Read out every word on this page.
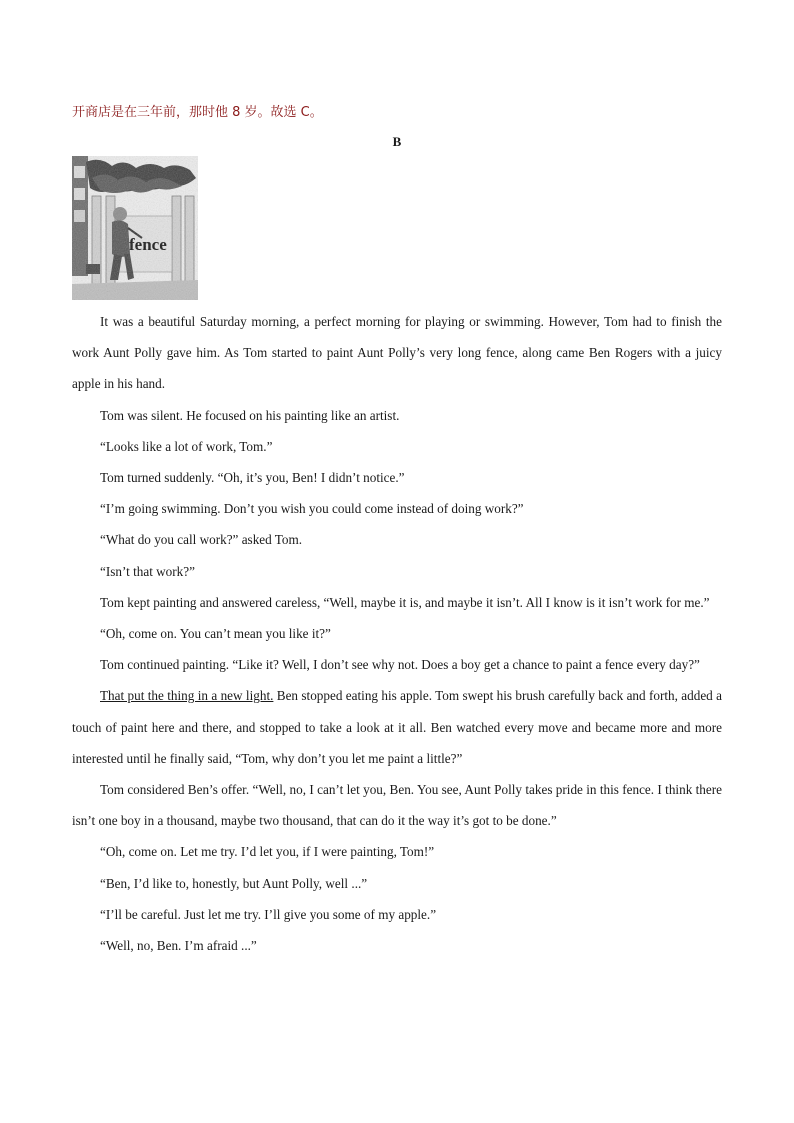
开商店是在三年前，那时他 8 岁。故选 C。
B

It was a beautiful Saturday morning, a perfect morning for playing or swimming. However, Tom had to finish the work Aunt Polly gave him. As Tom started to paint Aunt Polly’s very long fence, along came Ben Rogers with a juicy apple in his hand.

Tom was silent. He focused on his painting like an artist.

“Looks like a lot of work, Tom.”

Tom turned suddenly. “Oh, it’s you, Ben! I didn’t notice.”

“I’m going swimming. Don’t you wish you could come instead of doing work?”

“What do you call work?” asked Tom.

“Isn’t that work?”

Tom kept painting and answered careless, “Well, maybe it is, and maybe it isn’t. All I know is it isn’t work for me.”

“Oh, come on. You can’t mean you like it?”

Tom continued painting. “Like it? Well, I don’t see why not. Does a boy get a chance to paint a fence every day?”

That put the thing in a new light. Ben stopped eating his apple. Tom swept his brush carefully back and forth, added a touch of paint here and there, and stopped to take a look at it all. Ben watched every move and became more and more interested until he finally said, “Tom, why don’t you let me paint a little?”

Tom considered Ben’s offer. “Well, no, I can’t let you, Ben. You see, Aunt Polly takes pride in this fence. I think there isn’t one boy in a thousand, maybe two thousand, that can do it the way it’s got to be done.”

“Oh, come on. Let me try. I’d let you, if I were painting, Tom!”

“Ben, I’d like to, honestly, but Aunt Polly, well ...”

“I’ll be careful. Just let me try. I’ll give you some of my apple.”

“Well, no, Ben. I’m afraid ...”
